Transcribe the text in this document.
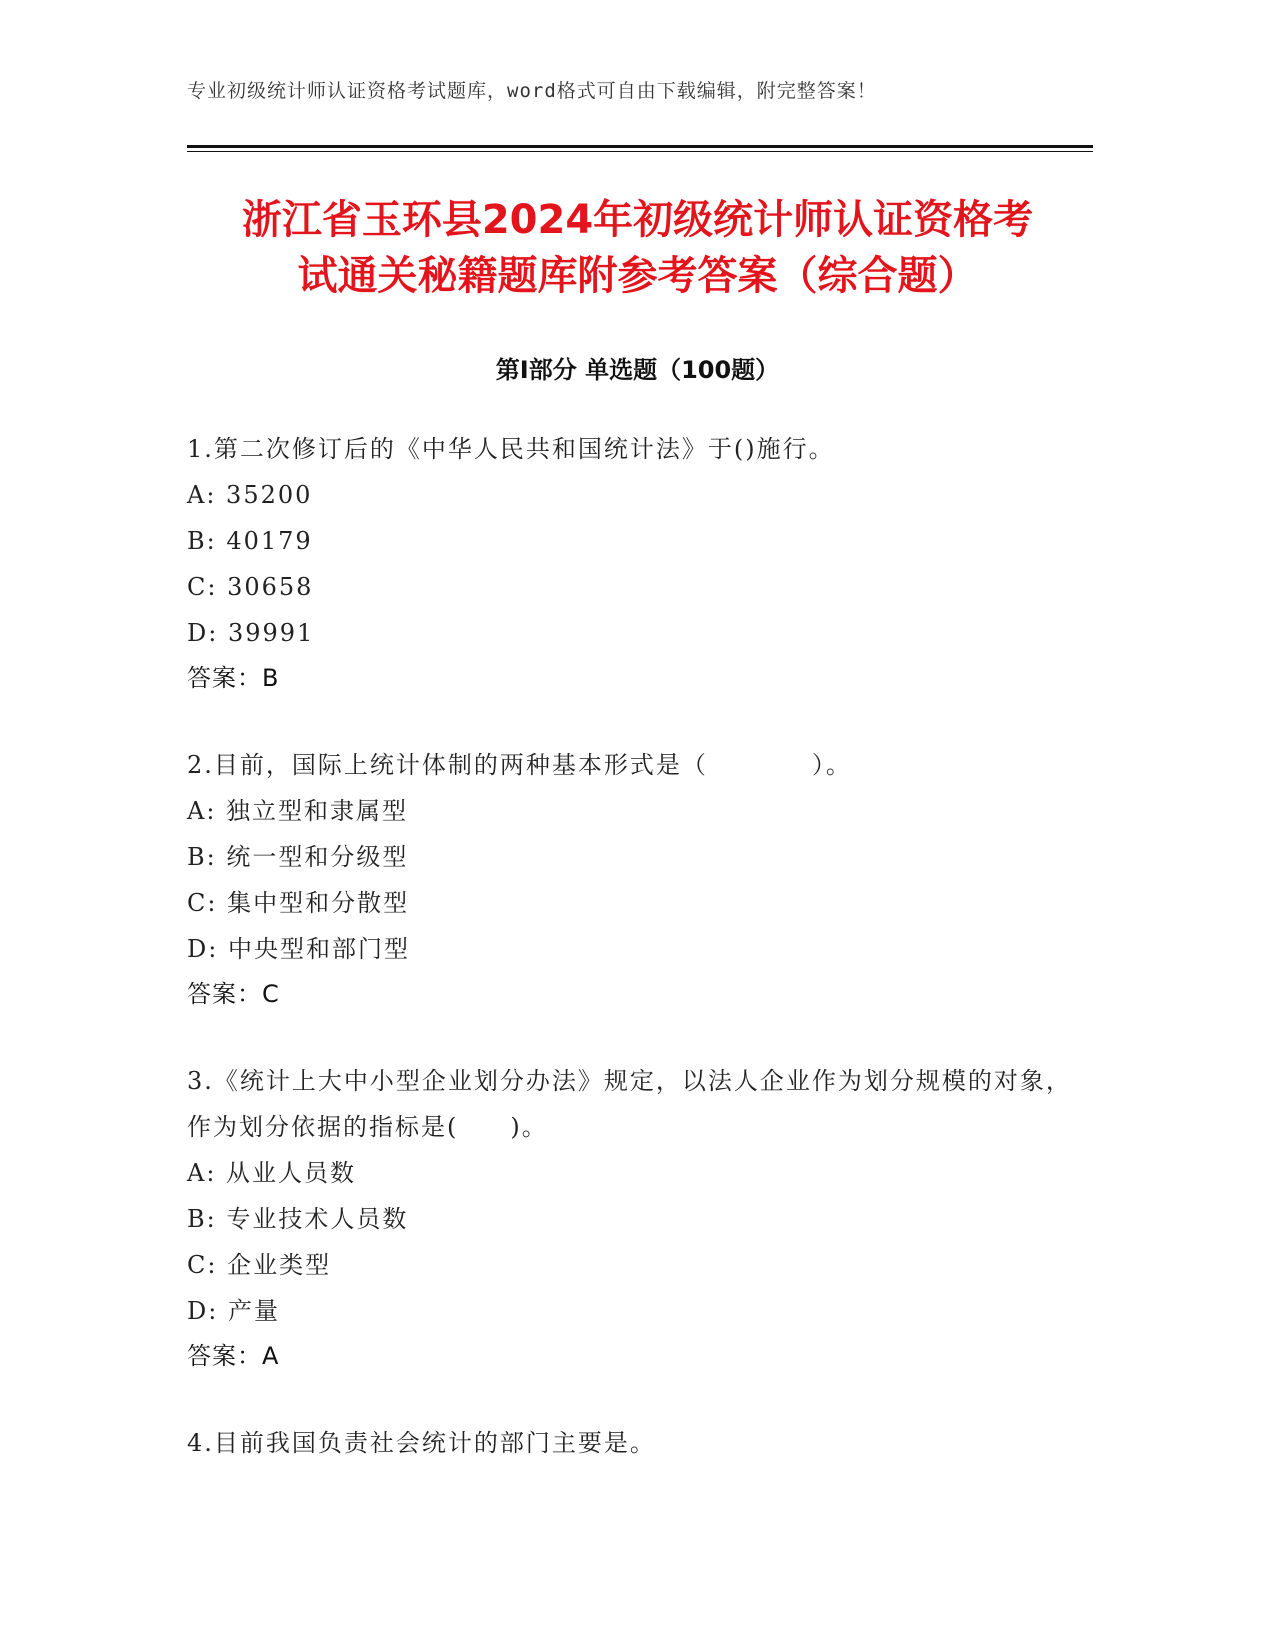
专业初级统计师认证资格考试题库，word格式可自由下载编辑，附完整答案！
浙江省玉环县2024年初级统计师认证资格考
试通关秘籍题库附参考答案（综合题）
第Ⅰ部分 单选题（100题）

1.第二次修订后的《中华人民共和国统计法》于()施行。

A: 35200
B: 40179
C: 30658
D: 39991
答案：B

2.目前，国际上统计体制的两种基本形式是（　　　　）。

A: 独立型和隶属型
B: 统一型和分级型
C: 集中型和分散型
D: 中央型和部门型
答案：C

3.《统计上大中小型企业划分办法》规定，以法人企业作为划分规模的对象，作为划分依据的指标是(　　)。

A: 从业人员数
B: 专业技术人员数
C: 企业类型
D: 产量
答案：A

4.目前我国负责社会统计的部门主要是。
